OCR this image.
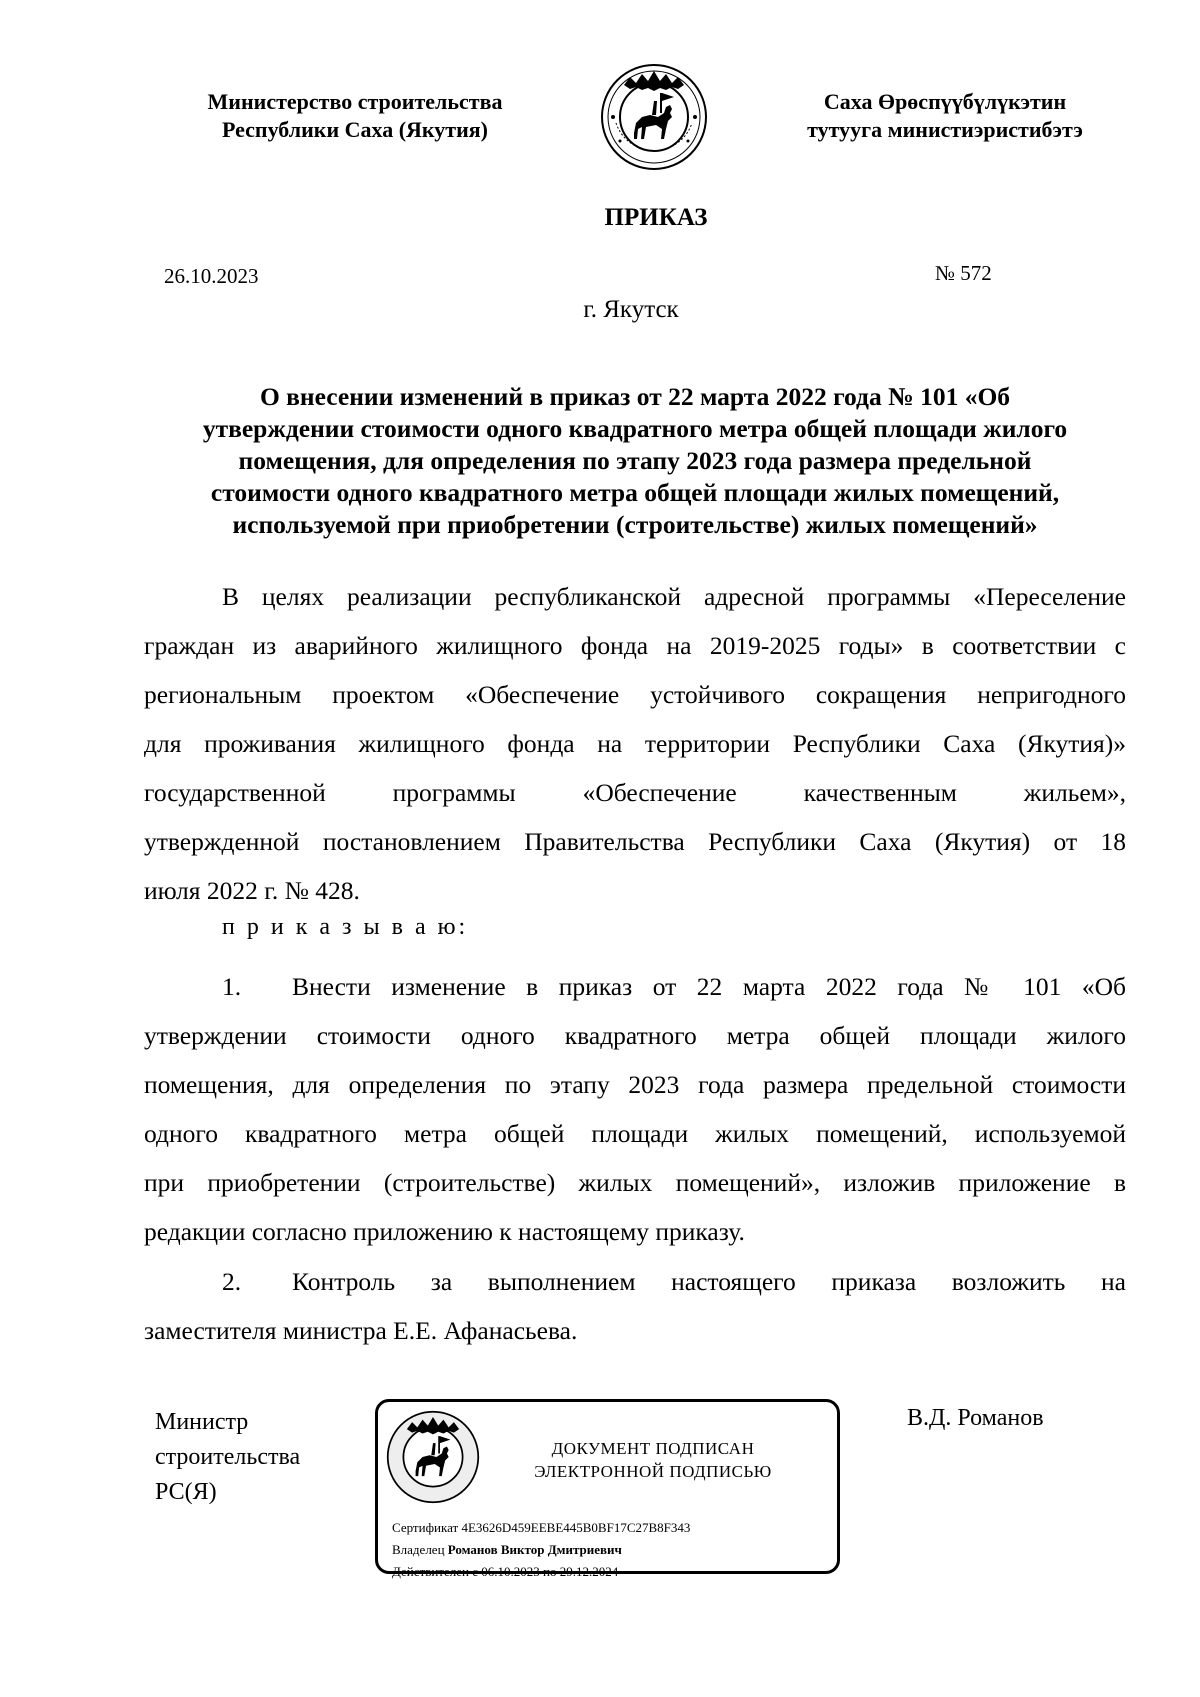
Министерство строительства
Республики Саха (Якутия)
Саха Өрөспүүбүлүкэтин
тутууга министиэристибэтэ
ПРИКАЗ
26.10.2023	№ 572
г. Якутск
О внесении изменений в приказ от 22 марта 2022 года № 101 «Об
утверждении стоимости одного квадратного метра общей площади жилого
помещения, для определения по этапу 2023 года размера предельной
стоимости одного квадратного метра общей площади жилых помещений,
используемой при приобретении (строительстве) жилых помещений»
В целях реализации республиканской адресной программы «Переселение
граждан из аварийного жилищного фонда на 2019-2025 годы» в соответствии с
региональным проектом «Обеспечение устойчивого сокращения непригодного
для проживания жилищного фонда на территории Республики Саха (Якутия)»
государственной программы «Обеспечение качественным жильем»,
утвержденной постановлением Правительства Республики Саха (Якутия) от 18
июля 2022 г. № 428.
п р и к а з ы в а ю:
1. Внести изменение в приказ от 22 марта 2022 года № 101 «Об
утверждении стоимости одного квадратного метра общей площади жилого
помещения, для определения по этапу 2023 года размера предельной стоимости
одного квадратного метра общей площади жилых помещений, используемой
при приобретении (строительстве) жилых помещений», изложив приложение в
редакции согласно приложению к настоящему приказу.
2. Контроль за выполнением настоящего приказа возложить на
заместителя министра Е.Е. Афанасьева.
Министр
строительства
РС(Я)
В.Д. Романов
ДОКУМЕНТ ПОДПИСАН
ЭЛЕКТРОННОЙ ПОДПИСЬЮ
Сертификат 4E3626D459EEBE445B0BF17C27B8F343
Владелец Романов Виктор Дмитриевич
Действителен с 06.10.2023 по 29.12.2024
